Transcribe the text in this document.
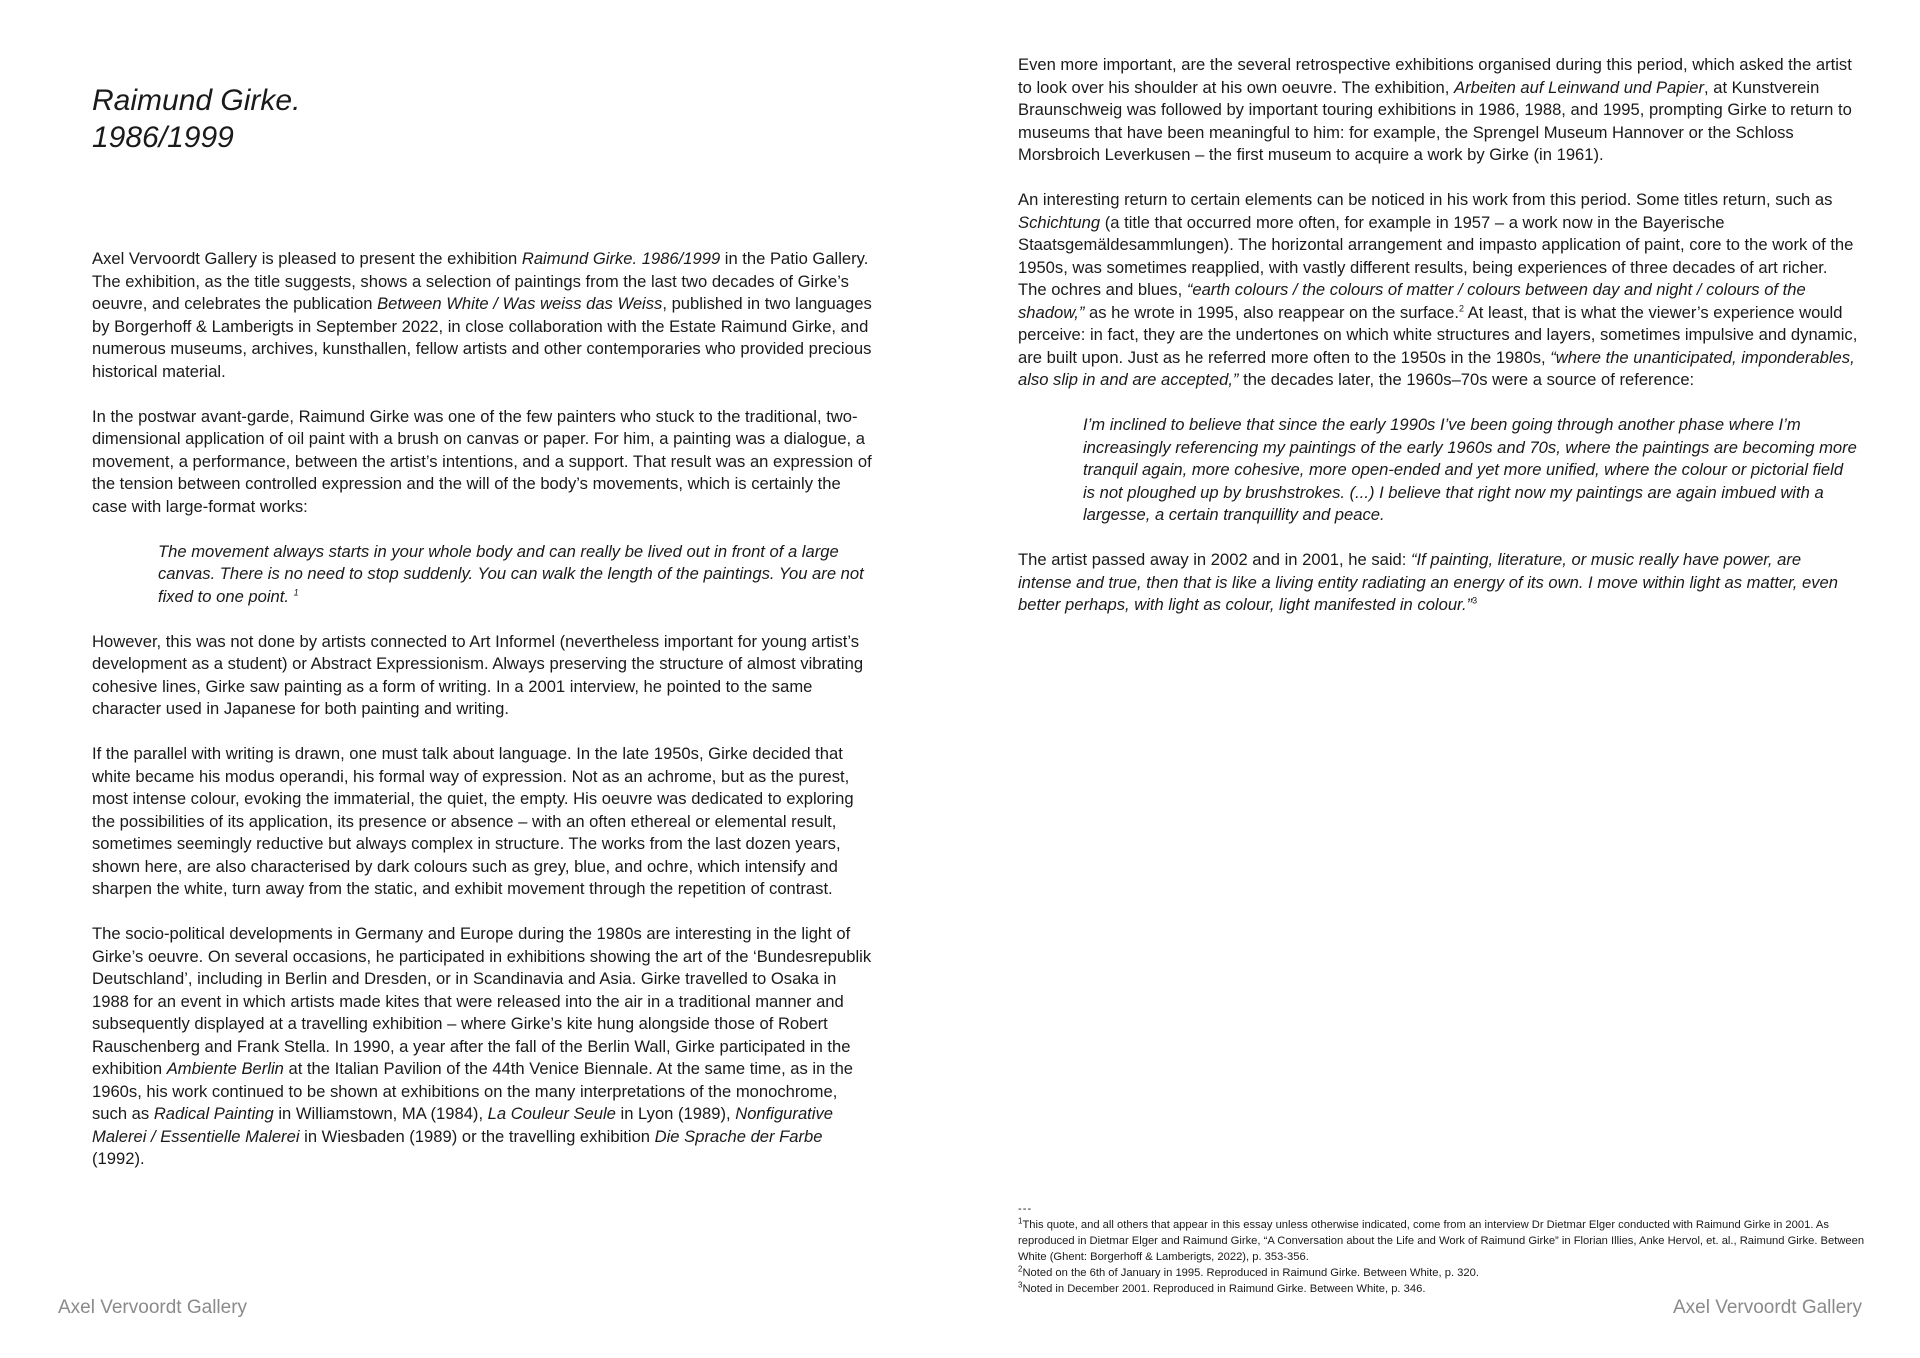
Raimund Girke.
1986/1999

Axel Vervoordt Gallery is pleased to present the exhibition Raimund Girke. 1986/1999 in the Patio Gallery. The exhibition, as the title suggests, shows a selection of paintings from the last two decades of Girke’s oeuvre, and celebrates the publication Between White / Was weiss das Weiss, published in two languages by Borgerhoff & Lamberigts in September 2022, in close collaboration with the Estate Raimund Girke, and numerous museums, archives, kunsthallen, fellow artists and other contemporaries who provided precious historical material.

In the postwar avant-garde, Raimund Girke was one of the few painters who stuck to the traditional, two-dimensional application of oil paint with a brush on canvas or paper. For him, a painting was a dialogue, a movement, a performance, between the artist’s intentions, and a support. That result was an expression of the tension between controlled expression and the will of the body’s movements, which is certainly the case with large-format works:

The movement always starts in your whole body and can really be lived out in front of a large canvas. There is no need to stop suddenly. You can walk the length of the paintings. You are not fixed to one point. $^1$

However, this was not done by artists connected to Art Informel (nevertheless important for young artist’s development as a student) or Abstract Expressionism. Always preserving the structure of almost vibrating cohesive lines, Girke saw painting as a form of writing. In a 2001 interview, he pointed to the same character used in Japanese for both painting and writing.

If the parallel with writing is drawn, one must talk about language. In the late 1950s, Girke decided that white became his modus operandi, his formal way of expression. Not as an achrome, but as the purest, most intense colour, evoking the immaterial, the quiet, the empty. His oeuvre was dedicated to exploring the possibilities of its application, its presence or absence – with an often ethereal or elemental result, sometimes seemingly reductive but always complex in structure. The works from the last dozen years, shown here, are also characterised by dark colours such as grey, blue, and ochre, which intensify and sharpen the white, turn away from the static, and exhibit movement through the repetition of contrast.

The socio-political developments in Germany and Europe during the 1980s are interesting in the light of Girke’s oeuvre. On several occasions, he participated in exhibitions showing the art of the ‘Bundesrepublik Deutschland’, including in Berlin and Dresden, or in Scandinavia and Asia. Girke travelled to Osaka in 1988 for an event in which artists made kites that were released into the air in a traditional manner and subsequently displayed at a travelling exhibition – where Girke’s kite hung alongside those of Robert Rauschenberg and Frank Stella. In 1990, a year after the fall of the Berlin Wall, Girke participated in the exhibition Ambiente Berlin at the Italian Pavilion of the 44th Venice Biennale. At the same time, as in the 1960s, his work continued to be shown at exhibitions on the many interpretations of the monochrome, such as Radical Painting in Williamstown, MA (1984), La Couleur Seule in Lyon (1989), Nonfigurative Malerei / Essentielle Malerei in Wiesbaden (1989) or the travelling exhibition Die Sprache der Farbe (1992).

Axel Vervoordt Gallery	Axel Vervoordt Gallery

Even more important, are the several retrospective exhibitions organised during this period, which asked the artist to look over his shoulder at his own oeuvre. The exhibition, Arbeiten auf Leinwand und Papier, at Kunstverein Braunschweig was followed by important touring exhibitions in 1986, 1988, and 1995, prompting Girke to return to museums that have been meaningful to him: for example, the Sprengel Museum Hannover or the Schloss Morsbroich Leverkusen – the first museum to acquire a work by Girke (in 1961).

An interesting return to certain elements can be noticed in his work from this period. Some titles return, such as Schichtung (a title that occurred more often, for example in 1957 – a work now in the Bayerische Staatsgemäldesammlungen). The horizontal arrangement and impasto application of paint, core to the work of the 1950s, was sometimes reapplied, with vastly different results, being experiences of three decades of art richer. The ochres and blues, “earth colours / the colours of matter / colours between day and night / colours of the shadow,” as he wrote in 1995, also reappear on the surface.$^2$ At least, that is what the viewer’s experience would perceive: in fact, they are the undertones on which white structures and layers, sometimes impulsive and dynamic, are built upon. Just as he referred more often to the 1950s in the 1980s, “where the unanticipated, imponderables, also slip in and are accepted,” the decades later, the 1960s–70s were a source of reference:

I’m inclined to believe that since the early 1990s I’ve been going through another phase where I’m increasingly referencing my paintings of the early 1960s and 70s, where the paintings are becoming more tranquil again, more cohesive, more open-ended and yet more unified, where the colour or pictorial field is not ploughed up by brushstrokes. (...) I believe that right now my paintings are again imbued with a largesse, a certain tranquillity and peace.

The artist passed away in 2002 and in 2001, he said: “If painting, literature, or music really have power, are intense and true, then that is like a living entity radiating an energy of its own. I move within light as matter, even better perhaps, with light as colour, light manifested in colour.”$^3$

---
$^1$This quote, and all others that appear in this essay unless otherwise indicated, come from an interview Dr Dietmar Elger conducted with Raimund Girke in 2001. As reproduced in Dietmar Elger and Raimund Girke, “A Conversation about the Life and Work of Raimund Girke” in Florian Illies, Anke Hervol, et. al., Raimund Girke. Between White (Ghent: Borgerhoff & Lamberigts, 2022), p. 353-356.
$^2$Noted on the 6th of January in 1995. Reproduced in Raimund Girke. Between White, p. 320.
$^3$Noted in December 2001. Reproduced in Raimund Girke. Between White, p. 346.
